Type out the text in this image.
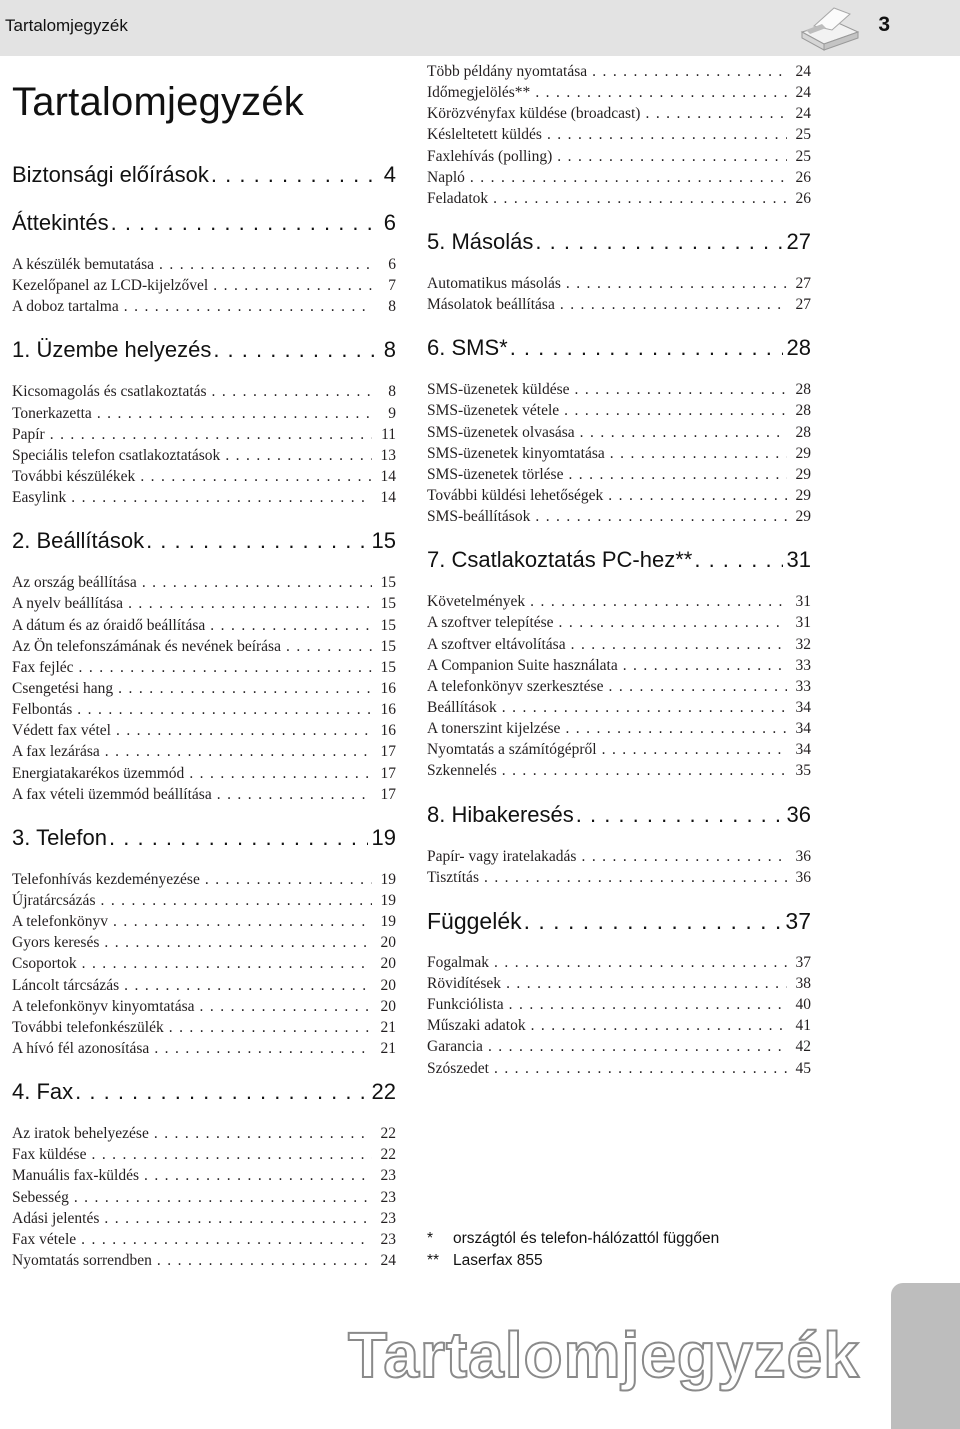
Tartalomjegyzék	3
Tartalomjegyzék
Biztonsági előírások . . .	4
Áttekintés . . .	6
A készülék bemutatása . . .	6
Kezelőpanel az LCD-kijelzővel . . .	7
A doboz tartalma . . .	8
1. Üzembe helyezés . . .	8
Kicsomagolás és csatlakoztatás . . .	8
Tonerkazetta . . .	9
Papír . . .	11
Speciális telefon csatlakoztatások . . .	13
További készülékek . . .	14
Easylink . . .	14
2. Beállítások . . .	15
Az ország beállítása . . .	15
A nyelv beállítása . . .	15
A dátum és az óraidő beállítása . . .	15
Az Ön telefonszámának és nevének beírása . . .	15
Fax fejléc . . .	15
Csengetési hang . . .	16
Felbontás . . .	16
Védett fax vétel . . .	16
A fax lezárása . . .	17
Energiatakarékos üzemmód . . .	17
A fax vételi üzemmód beállítása . . .	17
3. Telefon . . .	19
Telefonhívás kezdeményezése . . .	19
Újratárcsázás . . .	19
A telefonkönyv . . .	19
Gyors keresés . . .	20
Csoportok . . .	20
Láncolt tárcsázás . . .	20
A telefonkönyv kinyomtatása . . .	20
További telefonkészülék . . .	21
A hívó fél azonosítása . . .	21
4. Fax . . .	22
Az iratok behelyezése . . .	22
Fax küldése . . .	22
Manuális fax-küldés . . .	23
Sebesség . . .	23
Adási jelentés . . .	23
Fax vétele . . .	23
Nyomtatás sorrendben . . .	24
Több példány nyomtatása . . .	24
Időmegjelölés** . . .	24
Körözvényfax küldése (broadcast) . . .	24
Késleltetett küldés . . .	25
Faxlehívás (polling) . . .	25
Napló . . .	26
Feladatok . . .	26
5. Másolás . . .	27
Automatikus másolás . . .	27
Másolatok beállítása . . .	27
6. SMS* . . .	28
SMS-üzenetek küldése . . .	28
SMS-üzenetek vétele . . .	28
SMS-üzenetek olvasása . . .	28
SMS-üzenetek kinyomtatása . . .	29
SMS-üzenetek törlése . . .	29
További küldési lehetőségek . . .	29
SMS-beállítások . . .	29
7. Csatlakoztatás PC-hez** . . .	31
Követelmények . . .	31
A szoftver telepítése . . .	31
A szoftver eltávolítása . . .	32
A Companion Suite használata . . .	33
A telefonkönyv szerkesztése . . .	33
Beállítások . . .	34
A tonerszint kijelzése . . .	34
Nyomtatás a számítógépről . . .	34
Szkennelés . . .	35
8. Hibakeresés . . .	36
Papír- vagy iratelakadás . . .	36
Tisztítás . . .	36
Függelék . . .	37
Fogalmak . . .	37
Rövidítések . . .	38
Funkciólista . . .	40
Műszaki adatok . . .	41
Garancia . . .	42
Szószedet . . .	45
*	országtól és telefon-hálózattól függően
** Laserfax 855
Tartalomjegyzék
